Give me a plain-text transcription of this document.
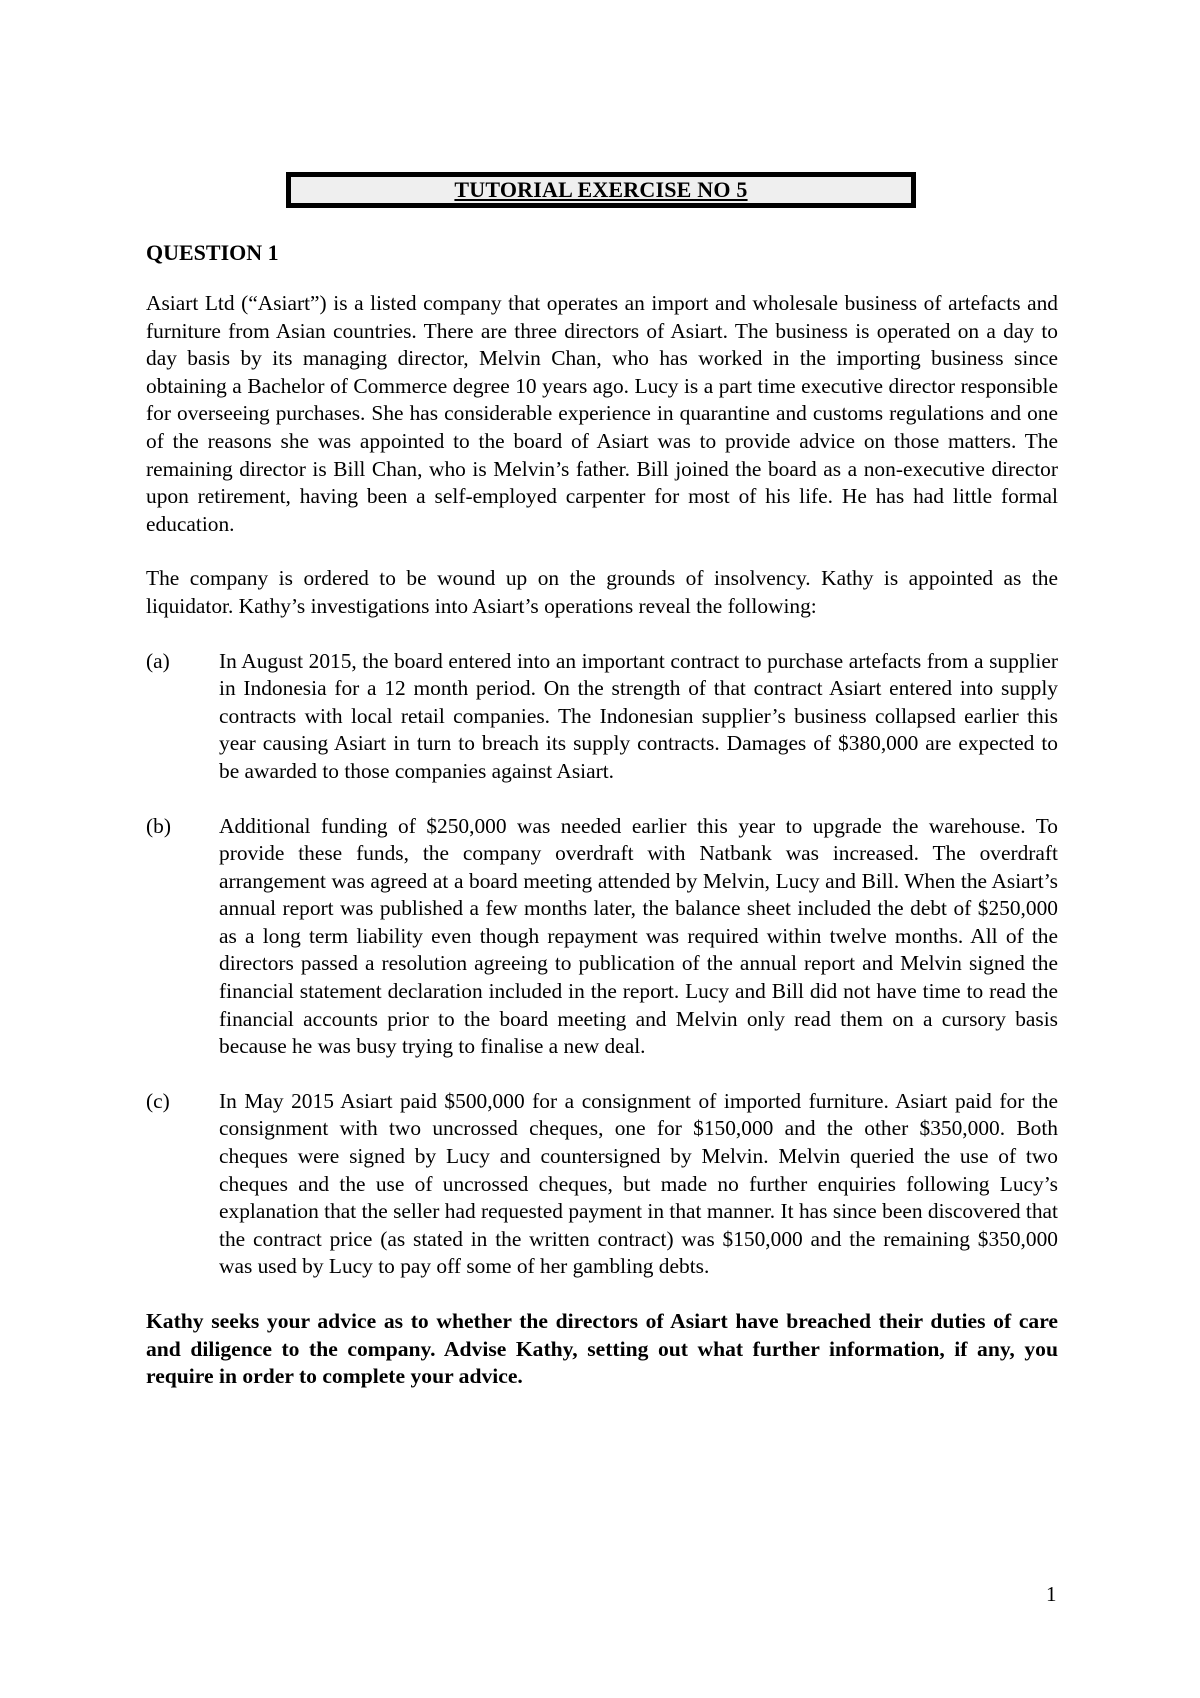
TUTORIAL EXERCISE NO 5
QUESTION 1

Asiart Ltd (“Asiart”) is a listed company that operates an import and wholesale business of artefacts and furniture from Asian countries. There are three directors of Asiart. The business is operated on a day to day basis by its managing director, Melvin Chan, who has worked in the importing business since obtaining a Bachelor of Commerce degree 10 years ago. Lucy is a part time executive director responsible for overseeing purchases. She has considerable experience in quarantine and customs regulations and one of the reasons she was appointed to the board of Asiart was to provide advice on those matters. The remaining director is Bill Chan, who is Melvin’s father. Bill joined the board as a non-executive director upon retirement, having been a self-employed carpenter for most of his life. He has had little formal education.

The company is ordered to be wound up on the grounds of insolvency. Kathy is appointed as the liquidator. Kathy’s investigations into Asiart’s operations reveal the following:

(a)	In August 2015, the board entered into an important contract to purchase artefacts from a supplier in Indonesia for a 12 month period. On the strength of that contract Asiart entered into supply contracts with local retail companies. The Indonesian supplier’s business collapsed earlier this year causing Asiart in turn to breach its supply contracts. Damages of $380,000 are expected to be awarded to those companies against Asiart.
(b)	Additional funding of $250,000 was needed earlier this year to upgrade the warehouse. To provide these funds, the company overdraft with Natbank was increased. The overdraft arrangement was agreed at a board meeting attended by Melvin, Lucy and Bill. When the Asiart’s annual report was published a few months later, the balance sheet included the debt of $250,000 as a long term liability even though repayment was required within twelve months. All of the directors passed a resolution agreeing to publication of the annual report and Melvin signed the financial statement declaration included in the report. Lucy and Bill did not have time to read the financial accounts prior to the board meeting and Melvin only read them on a cursory basis because he was busy trying to finalise a new deal.
(c)	In May 2015 Asiart paid $500,000 for a consignment of imported furniture. Asiart paid for the consignment with two uncrossed cheques, one for $150,000 and the other $350,000. Both cheques were signed by Lucy and countersigned by Melvin. Melvin queried the use of two cheques and the use of uncrossed cheques, but made no further enquiries following Lucy’s explanation that the seller had requested payment in that manner. It has since been discovered that the contract price (as stated in the written contract) was $150,000 and the remaining $350,000 was used by Lucy to pay off some of her gambling debts.

Kathy seeks your advice as to whether the directors of Asiart have breached their duties of care and diligence to the company. Advise Kathy, setting out what further information, if any, you require in order to complete your advice.

1
